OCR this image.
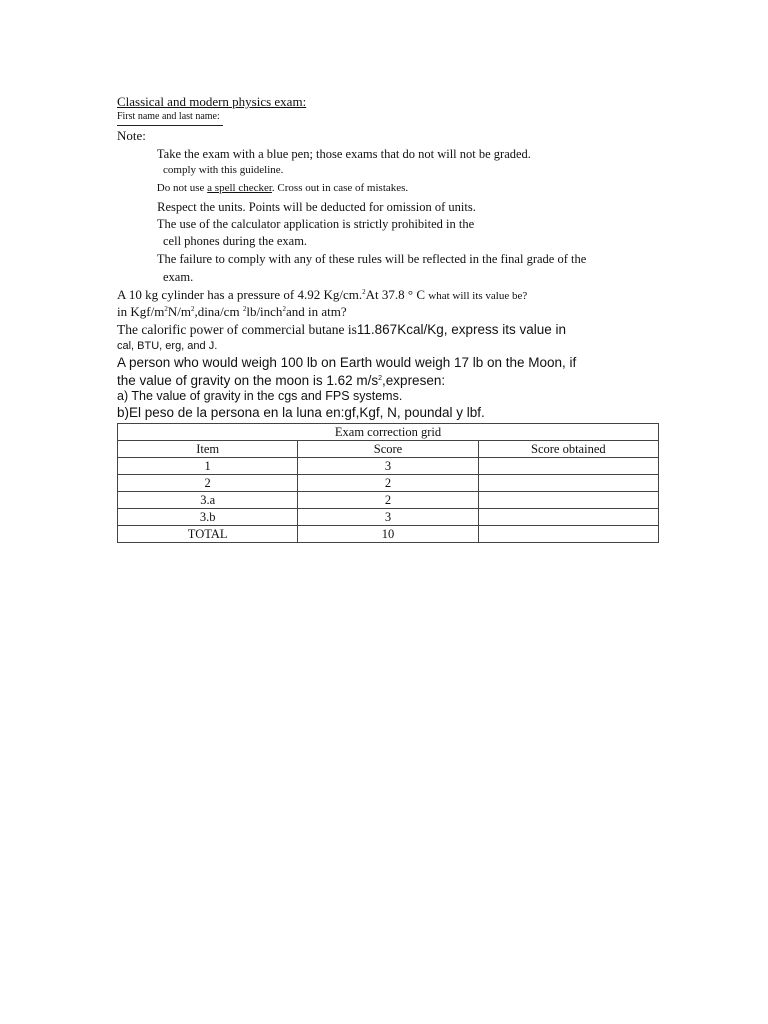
Classical and modern physics exam:
First name and last name:
Note:
Take the exam with a blue pen; those exams that do not will not be graded.
comply with this guideline.
Do not use a spell checker. Cross out in case of mistakes.
Respect the units. Points will be deducted for omission of units.
The use of the calculator application is strictly prohibited in the
cell phones during the exam.
The failure to comply with any of these rules will be reflected in the final grade of the
exam.
A 10 kg cylinder has a pressure of 4.92 Kg/cm.$^2$At 37.8 ° C what will its value be?
in Kgf/$m^2N/m^2,dina/cm$ $^2$lb/inch$^2$and in atm?
The calorific power of commercial butane is11.867Kcal/Kg, express its value in
cal, BTU, erg, and J.
A person who would weigh 100 lb on Earth would weigh 17 lb on the Moon, if
the value of gravity on the moon is 1.62 $m/s^2,expresen$:
a) The value of gravity in the cgs and FPS systems.
b)El peso de la persona en la luna en:gf,Kgf, N, poundal y lbf.
Exam correction grid		
Item	Score	Score obtained
1	3	
2	2	
3.a	2	
3.b	3	
TOTAL	10	
